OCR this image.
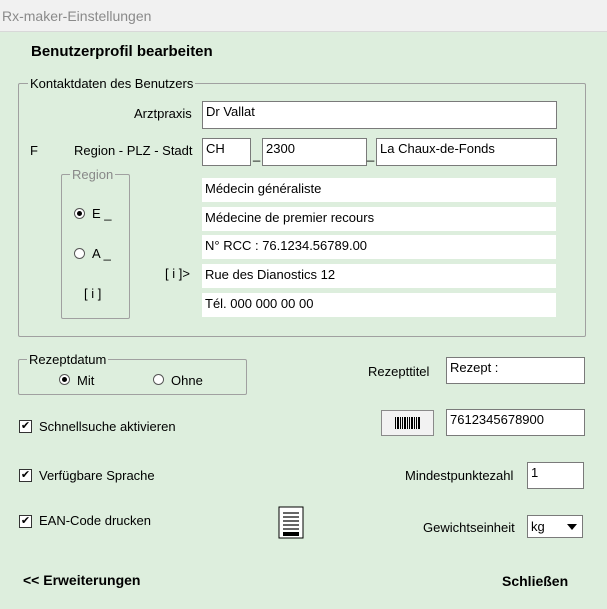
Rx-maker-Einstellungen
Benutzerprofil bearbeiten
Kontaktdaten des Benutzers
Arztpraxis	Dr Vallat
F	Region - PLZ - Stadt	CH	_ 2300	_ La Chaux-de-Fonds
Region
E _
A _
[ i ]
[ i ]>
Médecin généraliste
Médecine de premier recours
N° RCC : 76.1234.56789.00
Rue des Dianostics 12
Tél. 000 000 00 00
Rezeptdatum
Mit	Ohne
Rezepttitel	Rezept :
✔ Schnellsuche aktivieren	7612345678900
✔ Verfügbare Sprache	Mindestpunktezahl	1
✔ EAN-Code drucken	Gewichtseinheit kg
<< Erweiterungen	Schließen
